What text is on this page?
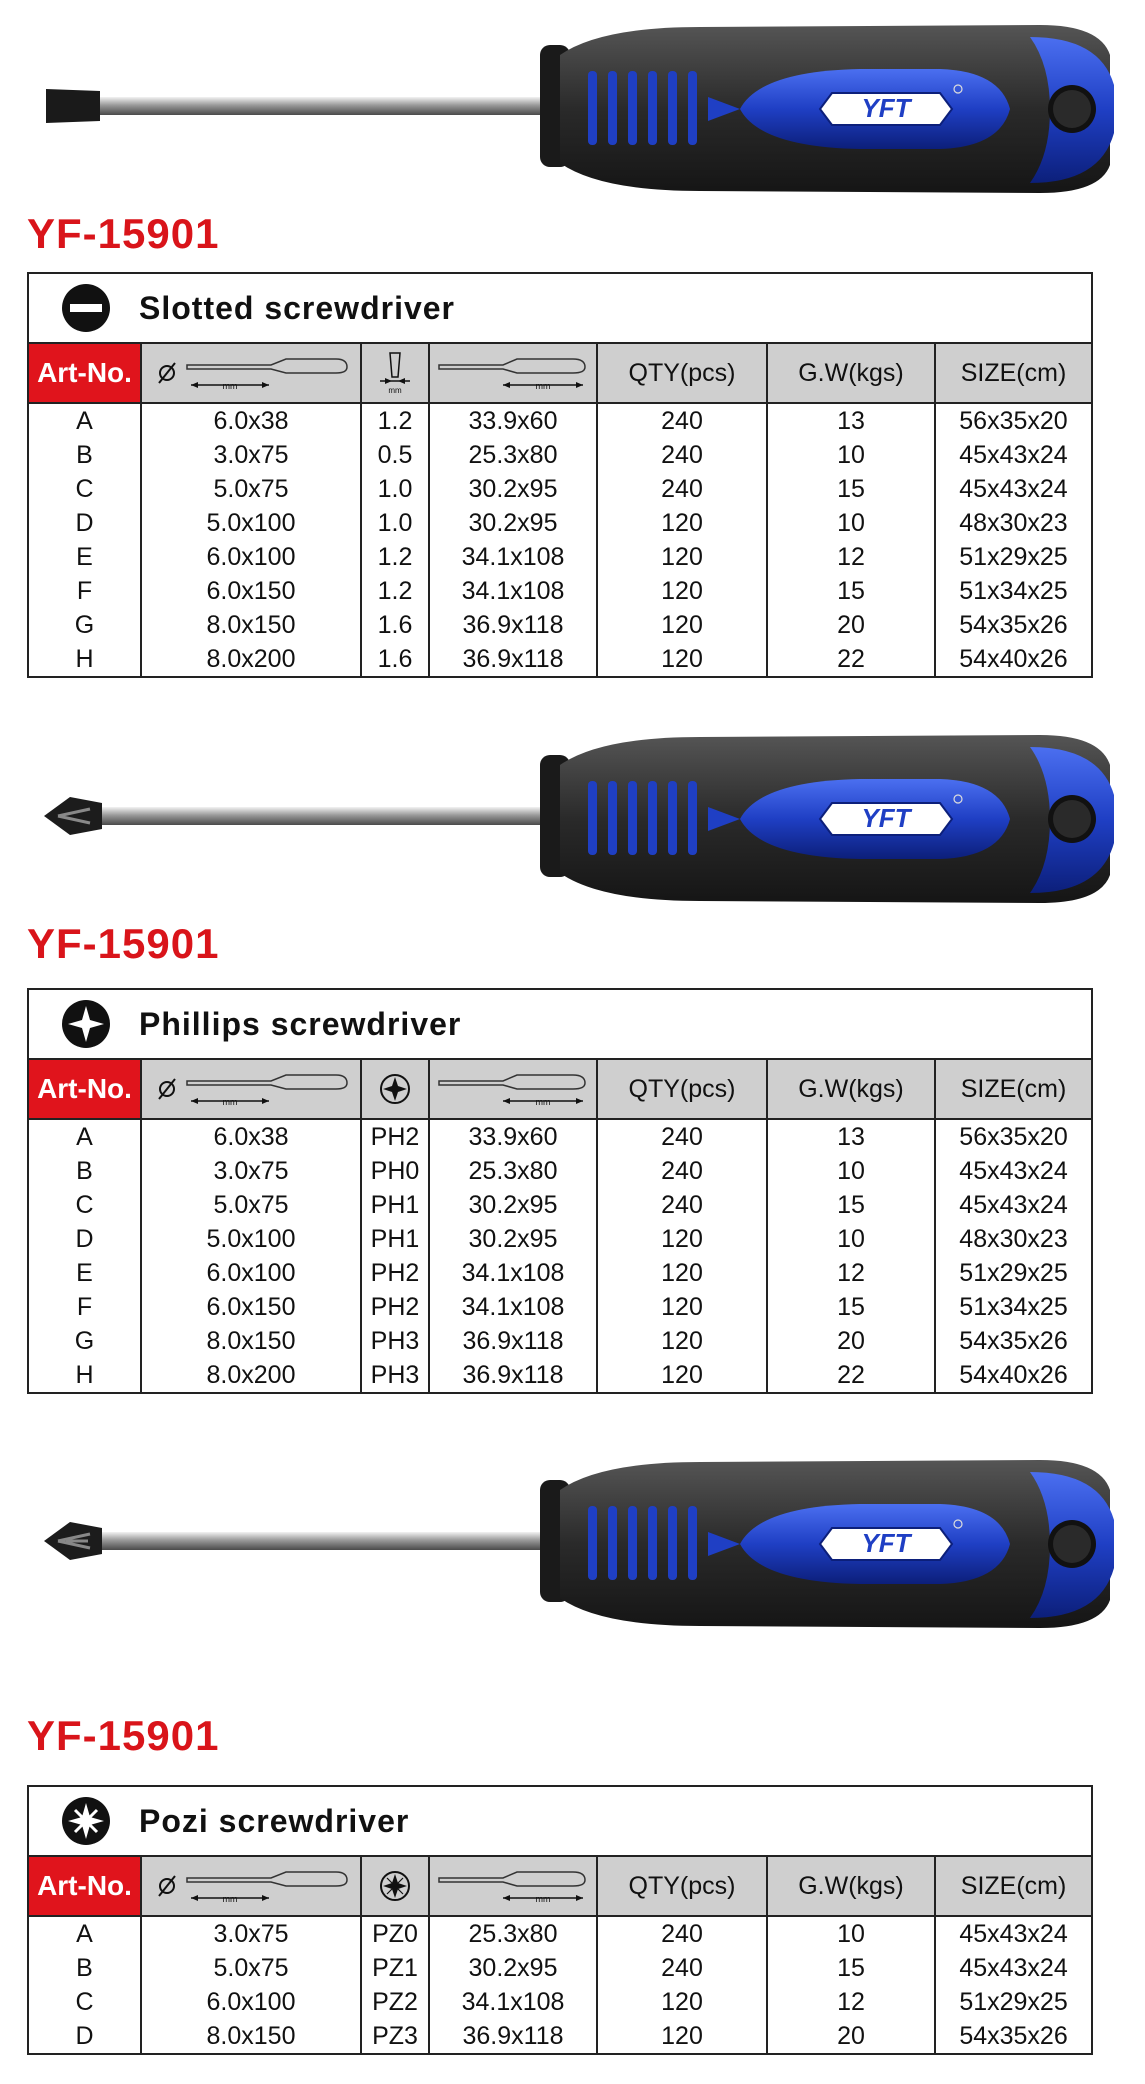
YFT
YF-15901
Slotted screwdriver						

Art-No.	mm	mm	mm	QTY(pcs)	G.W(kgs)	SIZE(cm)
A	6.0x38	1.2	33.9x60	240	13	56x35x20
B	3.0x75	0.5	25.3x80	240	10	45x43x24
C	5.0x75	1.0	30.2x95	240	15	45x43x24
D	5.0x100	1.0	30.2x95	120	10	48x30x23
E	6.0x100	1.2	34.1x108	120	12	51x29x25
F	6.0x150	1.2	34.1x108	120	15	51x34x25
G	8.0x150	1.6	36.9x118	120	20	54x35x26
H	8.0x200	1.6	36.9x118	120	22	54x40x26
YFT
YF-15901
Phillips screwdriver						

Art-No.	mm		mm	QTY(pcs)	G.W(kgs)	SIZE(cm)
A	6.0x38	PH2	33.9x60	240	13	56x35x20
B	3.0x75	PH0	25.3x80	240	10	45x43x24
C	5.0x75	PH1	30.2x95	240	15	45x43x24
D	5.0x100	PH1	30.2x95	120	10	48x30x23
E	6.0x100	PH2	34.1x108	120	12	51x29x25
F	6.0x150	PH2	34.1x108	120	15	51x34x25
G	8.0x150	PH3	36.9x118	120	20	54x35x26
H	8.0x200	PH3	36.9x118	120	22	54x40x26
YFT
YF-15901
Pozi screwdriver						

Art-No.	mm		mm	QTY(pcs)	G.W(kgs)	SIZE(cm)
A	3.0x75	PZ0	25.3x80	240	10	45x43x24
B	5.0x75	PZ1	30.2x95	240	15	45x43x24
C	6.0x100	PZ2	34.1x108	120	12	51x29x25
D	8.0x150	PZ3	36.9x118	120	20	54x35x26
